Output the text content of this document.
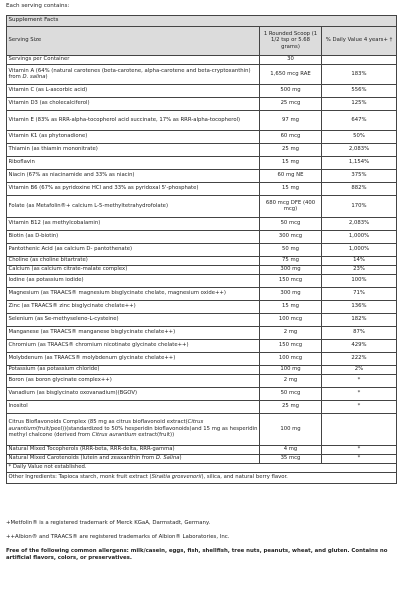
Each serving contains:
Supplement Facts		
Serving Size	1 Rounded Scoop (1 1/2 tsp or 5.68 grams)	% Daily Value 4 years+ †
Servings per Container	30	
Vitamin A (64% (natural carotenes (beta-carotene, alpha-carotene and beta-cryptoxanthin) from D. salina)	1,650 mcg RAE	183%
Vitamin C (as L-ascorbic acid)	500 mg	556%
Vitamin D3 (as cholecalciferol)	25 mcg	125%
Vitamin E (83% as RRR-alpha-tocopherol acid succinate, 17% as RRR-alpha-tocopherol)	97 mg	647%
Vitamin K1 (as phytonadione)	60 mcg	50%
Thiamin (as thiamin mononitrate)	25 mg	2,083%
Riboflavin	15 mg	1,154%
Niacin (67% as niacinamide and 33% as niacin)	60 mg NE	375%
Vitamin B6 (67% as pyridoxine HCl and 33% as pyridoxal 5'-phosphate)	15 mg	882%
Folate (as Metafolin®+ calcium L-5-methyltetrahydrofolate)	680 mcg DFE (400 mcg)	170%
Vitamin B12 (as methylcobalamin)	50 mcg	2,083%
Biotin (as D-biotin)	300 mcg	1,000%
Pantothenic Acid (as calcium D- pantothenate)	50 mg	1,000%
Choline (as choline bitartrate)	75 mg	14%
Calcium (as calcium citrate-malate complex)	300 mg	23%
Iodine (as potassium iodide)	150 mcg	100%
Magnesium (as TRAACS® magnesium bisglycinate chelate, magnesium oxide++)	300 mg	71%
Zinc (as TRAACS® zinc bisglycinate chelate++)	15 mg	136%
Selenium (as Se-methyseleno-L-cysteine)	100 mcg	182%
Manganese (as TRAACS® manganese bisglycinate chelate++)	2 mg	87%
Chromium (as TRAACS® chromium nicotinate glycinate chelate++)	150 mcg	429%
Molybdenum (as TRAACS® molybdenum glycinate chelate++)	100 mcg	222%
Potassium (as potassium chloride)	100 mg	2%
Boron (as boron glycinate complex++)	2 mg	*
Vanadium (as bisglycinato oxovanadium)(BGOV)	50 mcg	*
Inositol	25 mg	*
Citrus Bioflavonoids Complex (85 mg as citrus bioflavonoid extract(Citrus aurantium(fruit/peel))(standardized to 50% hesperidin bioflavonoids)and 15 mg as hesperidin methyl chalcone (derived from Citrus aurantium extract(fruit))	100 mg	
Natural Mixed Tocopherols (RRR-beta, RRR-delta, RRR-gamma)	4 mg	*
Natural Mixed Carotenoids (lutein and zeaxanthin from D. Salina)	35 mcg	*
* Daily Value not established.		
Other Ingredients: Tapioca starch, monk fruit extract (Siraitia grosvenorii), silica, and natural berry flavor.		
+Metfolin® is a registered trademark of Merck KGaA, Darmstadt, Germany.
++Albion® and TRAACS® are registered trademarks of Albion® Laboratories, Inc.
Free of the following common allergens: milk/casein, eggs, fish, shellfish, tree nuts, peanuts, wheat, and gluten. Contains no artificial flavors, colors, or preservatives.
